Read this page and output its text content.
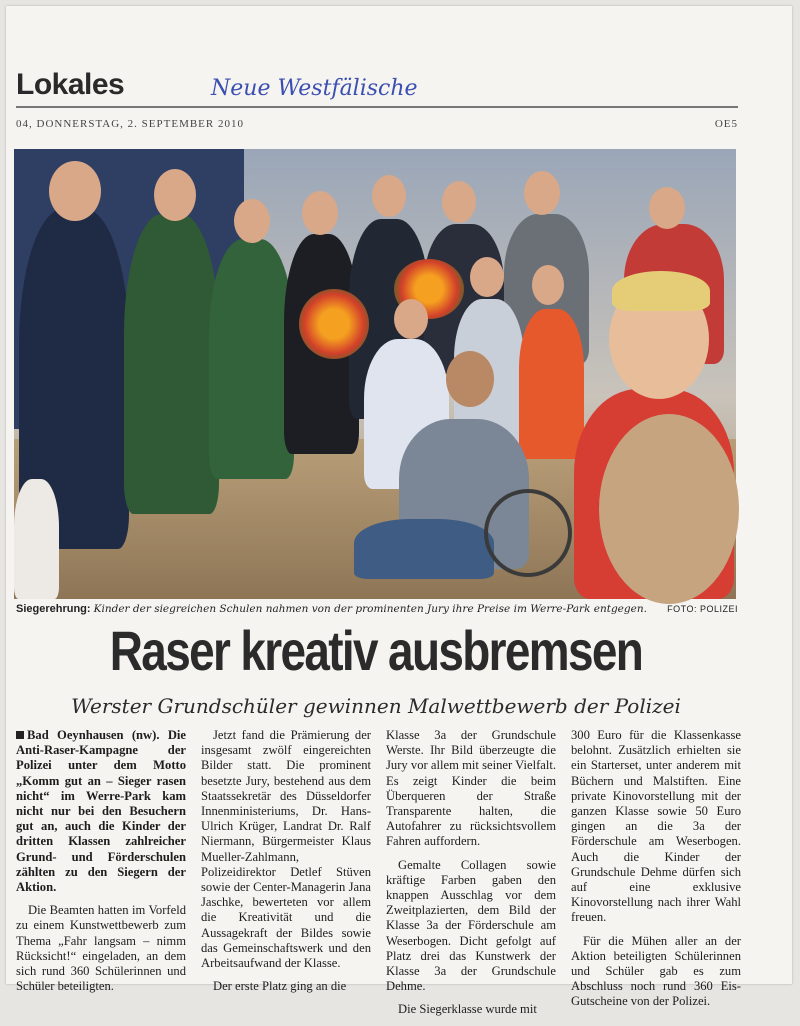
Lokales	Neue Westfälische
04, DONNERSTAG, 2. SEPTEMBER 2010	OE5
Siegerehrung: Kinder der siegreichen Schulen nahmen von der prominenten Jury ihre Preise im Werre-Park entgegen. FOTO: POLIZEI
Raser kreativ ausbremsen
Werster Grundschüler gewinnen Malwettbewerb der Polizei

Bad Oeynhausen (nw). Die Anti-Raser-Kampagne der Polizei unter dem Motto „Komm gut an – Sieger rasen nicht“ im Werre-Park kam nicht nur bei den Besuchern gut an, auch die Kinder der dritten Klassen zahlreicher Grund- und Förderschulen zählten zu den Siegern der Aktion.

Die Beamten hatten im Vorfeld zu einem Kunstwettbewerb zum Thema „Fahr langsam – nimm Rücksicht!“ eingeladen, an dem sich rund 360 Schülerinnen und Schüler beteiligten.

Jetzt fand die Prämierung der insgesamt zwölf eingereichten Bilder statt. Die prominent besetzte Jury, bestehend aus dem Staatssekretär des Düsseldorfer Innenministeriums, Dr. Hans-Ulrich Krüger, Landrat Dr. Ralf Niermann, Bürgermeister Klaus Mueller-Zahlmann, Polizeidirektor Detlef Stüven sowie der Center-Managerin Jana Jaschke, bewerteten vor allem die Kreativität und die Aussagekraft der Bildes sowie das Gemeinschaftswerk und den Arbeitsaufwand der Klasse.

Der erste Platz ging an die

Klasse 3a der Grundschule Werste. Ihr Bild überzeugte die Jury vor allem mit seiner Vielfalt. Es zeigt Kinder die beim Überqueren der Straße Transparente halten, die Autofahrer zu rücksichtsvollem Fahren auffordern.

Gemalte Collagen sowie kräftige Farben gaben den knappen Ausschlag vor dem Zweitplazierten, dem Bild der Klasse 3a der Förderschule am Weserbogen. Dicht gefolgt auf Platz drei das Kunstwerk der Klasse 3a der Grundschule Dehme.

Die Siegerklasse wurde mit

300 Euro für die Klassenkasse belohnt. Zusätzlich erhielten sie ein Starterset, unter anderem mit Büchern und Malstiften. Eine private Kinovorstellung mit der ganzen Klasse sowie 50 Euro gingen an die 3a der Förderschule am Weserbogen. Auch die Kinder der Grundschule Dehme dürfen sich auf eine exklusive Kinovorstellung nach ihrer Wahl freuen.

Für die Mühen aller an der Aktion beteiligten Schülerinnen und Schüler gab es zum Abschluss noch rund 360 Eis-Gutscheine von der Polizei.
